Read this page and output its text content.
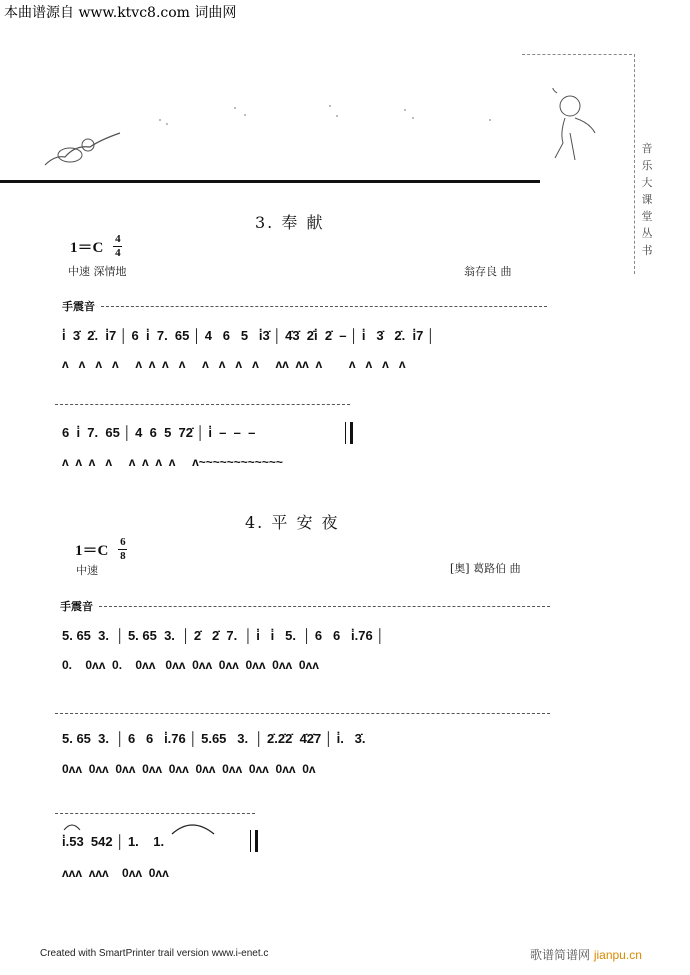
本曲谱源自 www.ktvc8.com 词曲网
音
乐
大
课
堂
丛
书
3. 奉 献
$1=C \frac{4}{4}$
中速 深情地	翁存良 曲
手震音
i̇  3̇  2̇.  i̇7 │ 6  i̇  7.  65 │ 4   6   5   i̇3̇ │ 4̇3̇  2̇i̇  2̇  – │ i̇   3̇   2̇.  i̇7 │
ʌ   ʌ   ʌ   ʌ     ʌ  ʌ  ʌ   ʌ     ʌ   ʌ   ʌ   ʌ     ʌʌ  ʌʌ  ʌ        ʌ   ʌ   ʌ   ʌ
6  i̇  7.  65 │ 4  6  5  72̇ │ i̇  –  –  –
ʌ  ʌ  ʌ   ʌ     ʌ  ʌ  ʌ  ʌ     ʌ~~~~~~~~~~~~
4. 平 安 夜
$1=C \frac{6}{8}$
中速	[奥] 葛路伯 曲
手震音
5. 65  3.  │ 5. 65  3.  │ 2̇   2̇  7.  │ i̇   i̇   5.  │ 6   6   i̇.76 │
0.    0ʌʌ  0.    0ʌʌ   0ʌʌ  0ʌʌ  0ʌʌ  0ʌʌ  0ʌʌ  0ʌʌ
5. 65  3.  │ 6   6   i̇.76 │ 5.65   3.  │ 2̇.2̇2̇  4̇2̇7 │ i̇.   3̇.
0ʌʌ  0ʌʌ  0ʌʌ  0ʌʌ  0ʌʌ  0ʌʌ  0ʌʌ  0ʌʌ  0ʌʌ  0ʌ
i̇.53  542 │ 1.    1.
ʌʌʌ  ʌʌʌ    0ʌʌ  0ʌʌ
Created with SmartPrinter trail version www.i-enet.c	歌谱简谱网 jianpu.cn
